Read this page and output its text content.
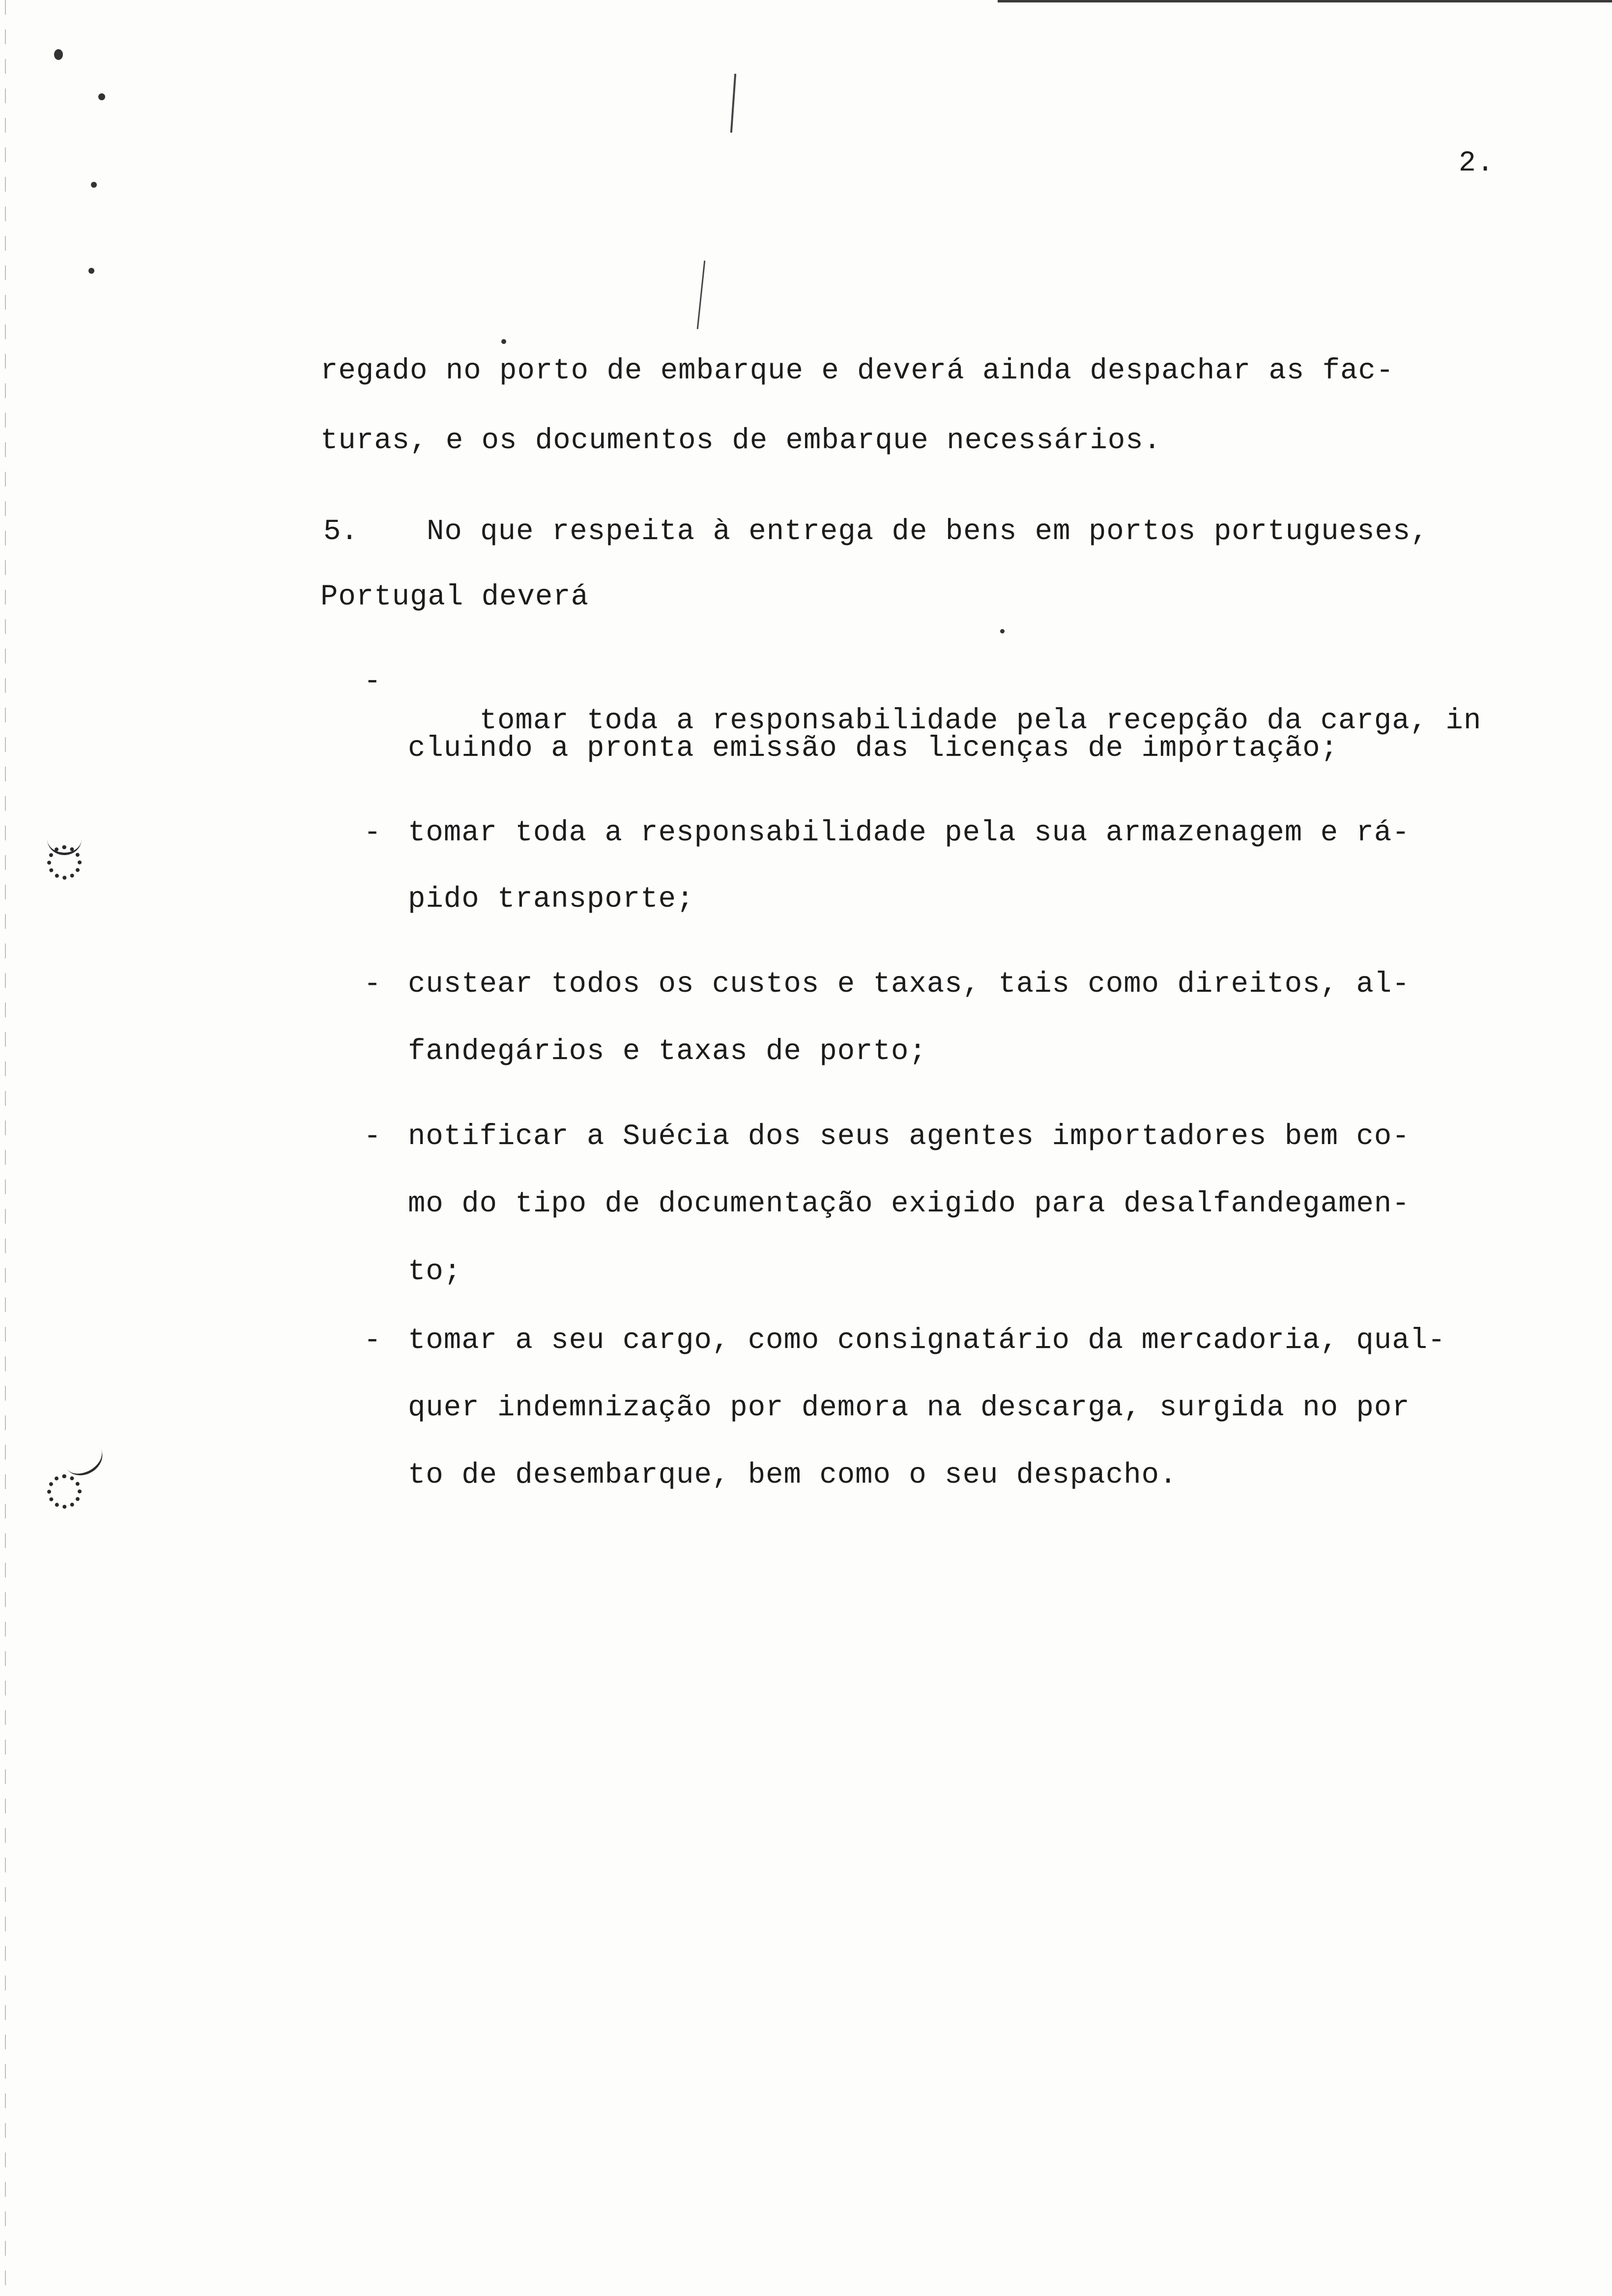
2.
regado no porto de embarque e deverá ainda despachar as fac-
turas, e os documentos de embarque necessários.
5. No que respeita à entrega de bens em portos portugueses,
Portugal deverá
-

tomar toda a responsabilidade pela recepção da carga, in

cluindo a pronta emissão das licenças de importação;
- tomar toda a responsabilidade pela sua armazenagem e rá-
pido transporte;
- custear todos os custos e taxas, tais como direitos, al-
fandegários e taxas de porto;
- notificar a Suécia dos seus agentes importadores bem co-
mo do tipo de documentação exigido para desalfandegamen-
to;
- tomar a seu cargo, como consignatário da mercadoria, qual-
quer indemnização por demora na descarga, surgida no por
to de desembarque, bem como o seu despacho.
